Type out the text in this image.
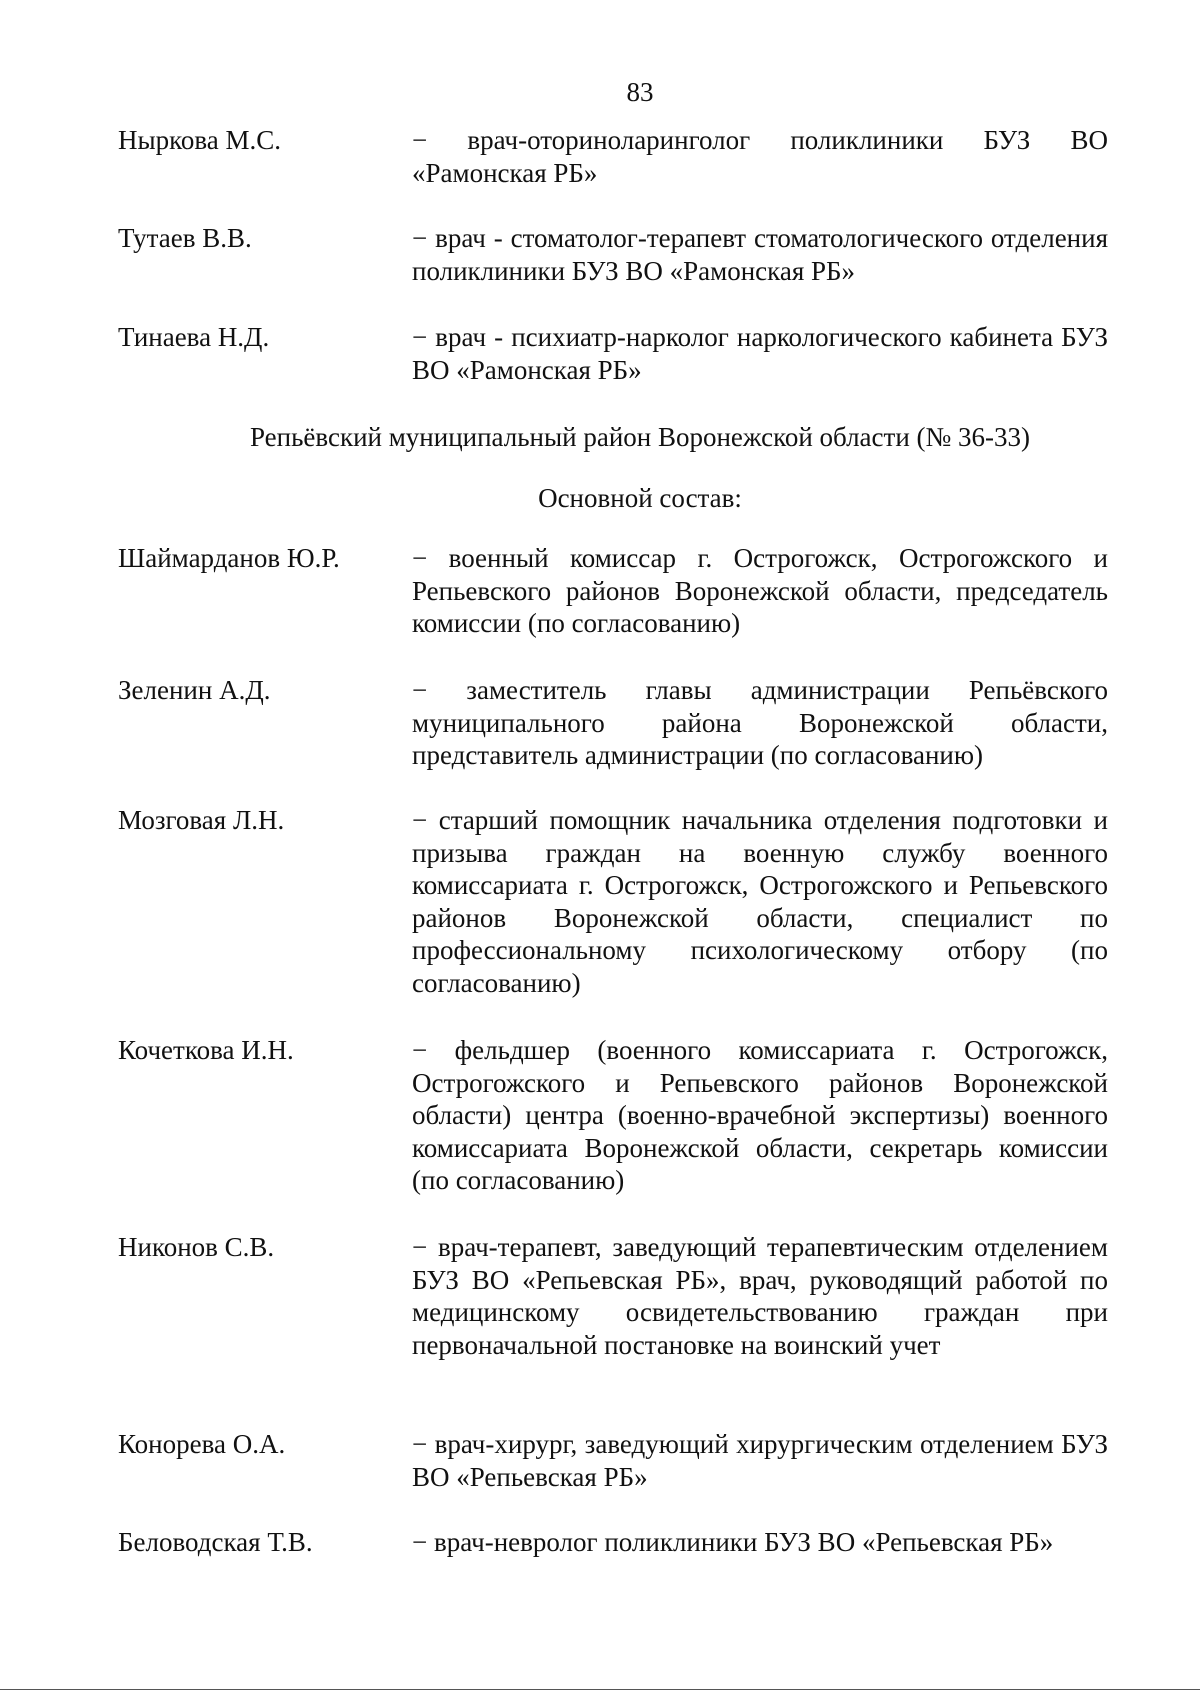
83
Ныркова М.С.	− врач-оториноларинголог поликлиники БУЗ ВО «Рамонская РБ»
Тутаев В.В.	− врач - стоматолог-терапевт стоматологического отделения поликлиники БУЗ ВО «Рамонская РБ»
Тинаева Н.Д.	− врач - психиатр-нарколог наркологического кабинета БУЗ ВО «Рамонская РБ»
Репьёвский муниципальный район Воронежской области (№ 36-33)
Основной состав:
Шаймарданов Ю.Р.	− военный комиссар г. Острогожск, Острогожского и Репьевского районов Воронежской области, председатель комиссии (по согласованию)
Зеленин А.Д.	− заместитель главы администрации Репьёвского муниципального района Воронежской области, представитель администрации (по согласованию)
Мозговая Л.Н.	− старший помощник начальника отделения подготовки и призыва граждан на военную службу военного комиссариата г. Острогожск, Острогожского и Репьевского районов Воронежской области, специалист по профессиональному психологическому отбору (по согласованию)
Кочеткова И.Н.	− фельдшер (военного комиссариата г. Острогожск, Острогожского и Репьевского районов Воронежской области) центра (военно-врачебной экспертизы) военного комиссариата Воронежской области, секретарь комиссии (по согласованию)
Никонов С.В.	− врач-терапевт, заведующий терапевтическим отделением БУЗ ВО «Репьевская РБ», врач, руководящий работой по медицинскому освидетельствованию граждан при первоначальной постановке на воинский учет
Конорева О.А.	− врач-хирург, заведующий хирургическим отделением БУЗ ВО «Репьевская РБ»
Беловодская Т.В.	− врач-невролог поликлиники БУЗ ВО «Репьевская РБ»
